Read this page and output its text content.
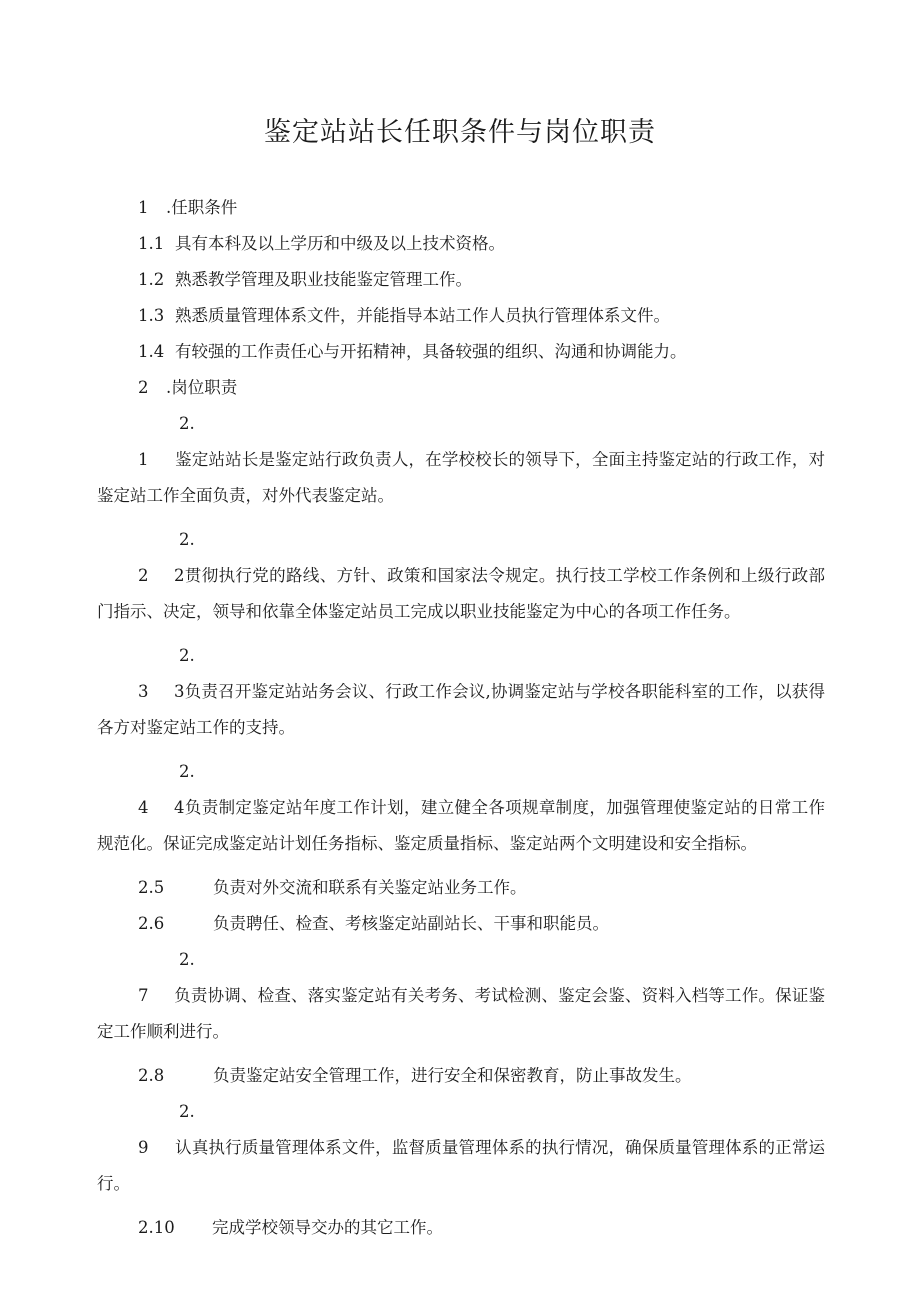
鉴定站站长任职条件与岗位职责
1 .任职条件
1.1 具有本科及以上学历和中级及以上技术资格。
1.2 熟悉教学管理及职业技能鉴定管理工作。
1.3 熟悉质量管理体系文件，并能指导本站工作人员执行管理体系文件。
1.4 有较强的工作责任心与开拓精神，具备较强的组织、沟通和协调能力。
2 .岗位职责
2.1 鉴定站站长是鉴定站行政负责人，在学校校长的领导下，全面主持鉴定站的行政工作，对鉴定站工作全面负责，对外代表鉴定站。
2.2 2贯彻执行党的路线、方针、政策和国家法令规定。执行技工学校工作条例和上级行政部门指示、决定，领导和依靠全体鉴定站员工完成以职业技能鉴定为中心的各项工作任务。
2.3 3负责召开鉴定站站务会议、行政工作会议,协调鉴定站与学校各职能科室的工作，以获得各方对鉴定站工作的支持。
2.4 4负责制定鉴定站年度工作计划，建立健全各项规章制度，加强管理使鉴定站的日常工作规范化。保证完成鉴定站计划任务指标、鉴定质量指标、鉴定站两个文明建设和安全指标。
2.5	负责对外交流和联系有关鉴定站业务工作。
2.6	负责聘任、检查、考核鉴定站副站长、干事和职能员。
2.7 负责协调、检查、落实鉴定站有关考务、考试检测、鉴定会鉴、资料入档等工作。保证鉴定工作顺利进行。
2.8	负责鉴定站安全管理工作，进行安全和保密教育，防止事故发生。
2.9 认真执行质量管理体系文件，监督质量管理体系的执行情况，确保质量管理体系的正常运行。
2.10 完成学校领导交办的其它工作。
